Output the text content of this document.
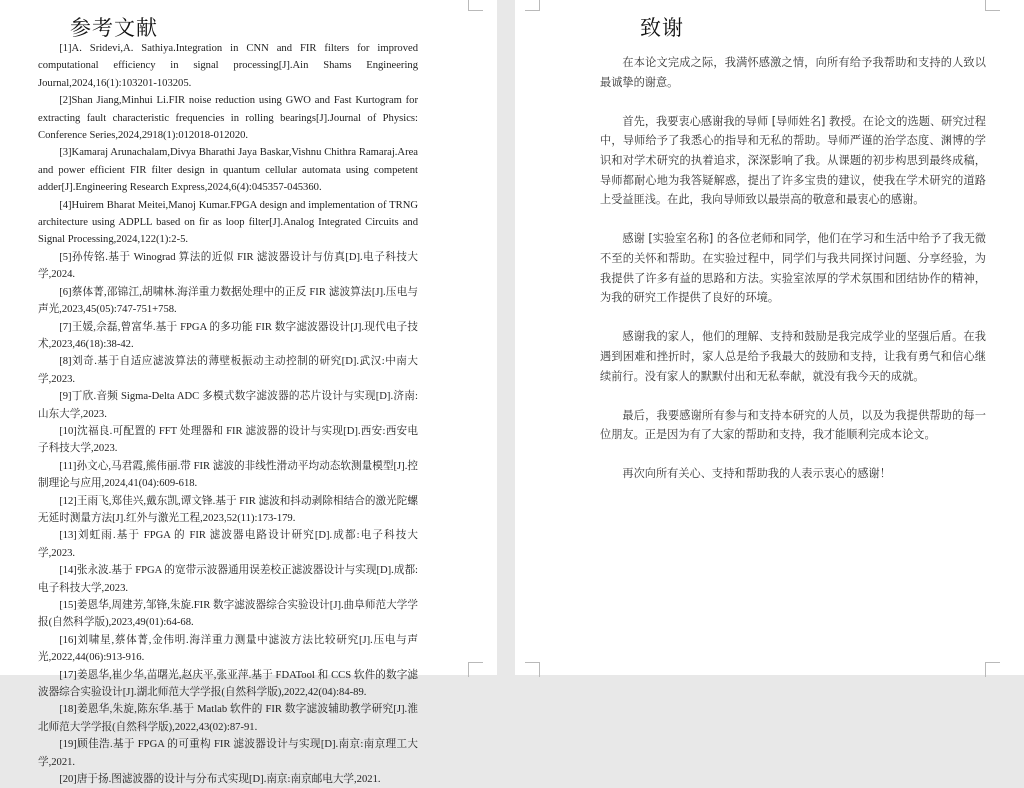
参考文献

[1]A. Sridevi,A. Sathiya.Integration in CNN and FIR filters for improved computational efficiency in signal processing[J].Ain Shams Engineering Journal,2024,16(1):103201-103205.

[2]Shan Jiang,Minhui Li.FIR noise reduction using GWO and Fast Kurtogram for extracting fault characteristic frequencies in rolling bearings[J].Journal of Physics: Conference Series,2024,2918(1):012018-012020.

[3]Kamaraj Arunachalam,Divya Bharathi Jaya Baskar,Vishnu Chithra Ramaraj.Area and power efficient FIR filter design in quantum cellular automata using competent adder[J].Engineering Research Express,2024,6(4):045357-045360.

[4]Huirem Bharat Meitei,Manoj Kumar.FPGA design and implementation of TRNG architecture using ADPLL based on fir as loop filter[J].Analog Integrated Circuits and Signal Processing,2024,122(1):2-5.

[5]孙传铭.基于 Winograd 算法的近似 FIR 滤波器设计与仿真[D].电子科技大学,2024.

[6]蔡体菁,邵锦江,胡啸林.海洋重力数据处理中的正反 FIR 滤波算法[J].压电与声光,2023,45(05):747-751+758.

[7]王媛,佘磊,曾富华.基于 FPGA 的多功能 FIR 数字滤波器设计[J].现代电子技术,2023,46(18):38-42.

[8]刘奇.基于自适应滤波算法的薄壁板振动主动控制的研究[D].武汉:中南大学,2023.

[9]丁欣.音频 Sigma-Delta ADC 多模式数字滤波器的芯片设计与实现[D].济南:山东大学,2023.

[10]沈福良.可配置的 FFT 处理器和 FIR 滤波器的设计与实现[D].西安:西安电子科技大学,2023.

[11]孙文心,马君霞,熊伟丽.带 FIR 滤波的非线性滑动平均动态软测量模型[J].控制理论与应用,2024,41(04):609-618.

[12]王雨飞,郑佳兴,戴东凯,谭文锋.基于 FIR 滤波和抖动剥除相结合的激光陀螺无延时测量方法[J].红外与激光工程,2023,52(11):173-179.

[13]刘虹雨.基于 FPGA 的 FIR 滤波器电路设计研究[D].成都:电子科技大学,2023.

[14]张永波.基于 FPGA 的宽带示波器通用误差校正滤波器设计与实现[D].成都:电子科技大学,2023.

[15]姜恩华,周建芳,邹锋,朱旋.FIR 数字滤波器综合实验设计[J].曲阜师范大学学报(自然科学版),2023,49(01):64-68.

[16]刘啸星,蔡体菁,金伟明.海洋重力测量中滤波方法比较研究[J].压电与声光,2022,44(06):913-916.

[17]姜恩华,崔少华,苗曙光,赵庆平,张亚萍.基于 FDATool 和 CCS 软件的数字滤波器综合实验设计[J].湖北师范大学学报(自然科学版),2022,42(04):84-89.

[18]姜恩华,朱旋,陈东华.基于 Matlab 软件的 FIR 数字滤波辅助教学研究[J].淮北师范大学学报(自然科学版),2022,43(02):87-91.

[19]顾佳浩.基于 FPGA 的可重构 FIR 滤波器设计与实现[D].南京:南京理工大学,2021.

[20]唐于扬.图滤波器的设计与分布式实现[D].南京:南京邮电大学,2021.

致谢

在本论文完成之际，我满怀感激之情，向所有给予我帮助和支持的人致以最诚挚的谢意。

首先，我要衷心感谢我的导师 [导师姓名] 教授。在论文的选题、研究过程中，导师给予了我悉心的指导和无私的帮助。导师严谨的治学态度、渊博的学识和对学术研究的执着追求，深深影响了我。从课题的初步构思到最终成稿，导师都耐心地为我答疑解惑，提出了许多宝贵的建议，使我在学术研究的道路上受益匪浅。在此，我向导师致以最崇高的敬意和最衷心的感谢。

感谢 [实验室名称] 的各位老师和同学，他们在学习和生活中给予了我无微不至的关怀和帮助。在实验过程中，同学们与我共同探讨问题、分享经验，为我提供了许多有益的思路和方法。实验室浓厚的学术氛围和团结协作的精神，为我的研究工作提供了良好的环境。

感谢我的家人，他们的理解、支持和鼓励是我完成学业的坚强后盾。在我遇到困难和挫折时，家人总是给予我最大的鼓励和支持，让我有勇气和信心继续前行。没有家人的默默付出和无私奉献，就没有我今天的成就。

最后，我要感谢所有参与和支持本研究的人员，以及为我提供帮助的每一位朋友。正是因为有了大家的帮助和支持，我才能顺利完成本论文。

再次向所有关心、支持和帮助我的人表示衷心的感谢！
